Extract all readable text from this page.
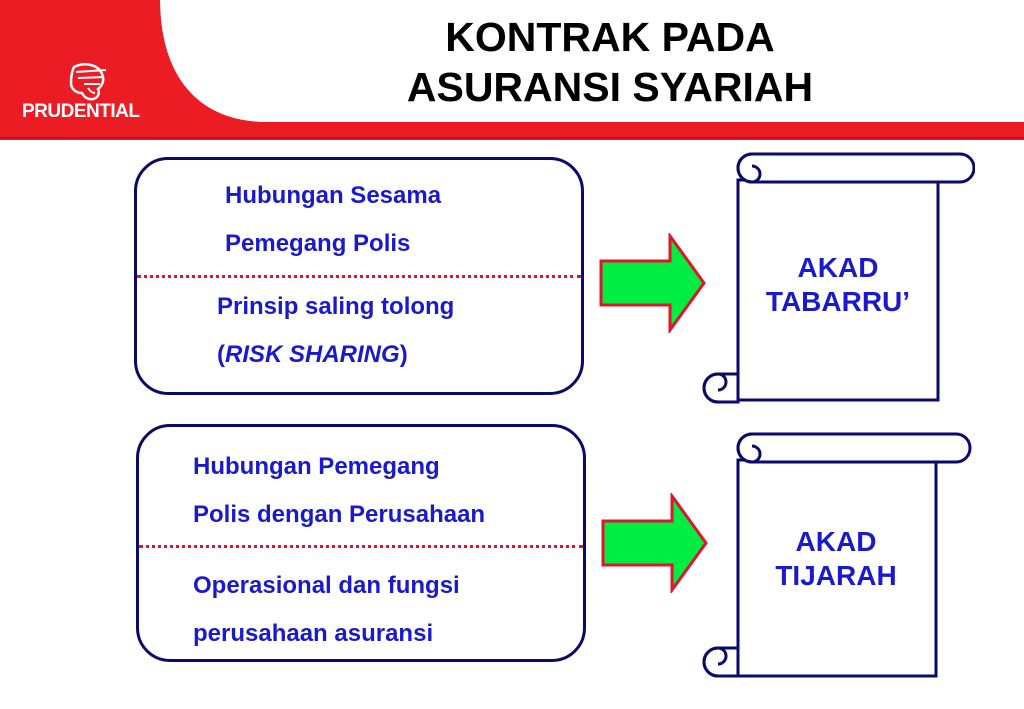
PRUDENTIAL
KONTRAK PADA
ASURANSI SYARIAH
Hubungan Sesama
Pemegang Polis
Prinsip saling tolong
(RISK SHARING)
Hubungan Pemegang
Polis dengan Perusahaan
Operasional dan fungsi
perusahaan asuransi
AKAD
TABARRU’
AKAD
TIJARAH
